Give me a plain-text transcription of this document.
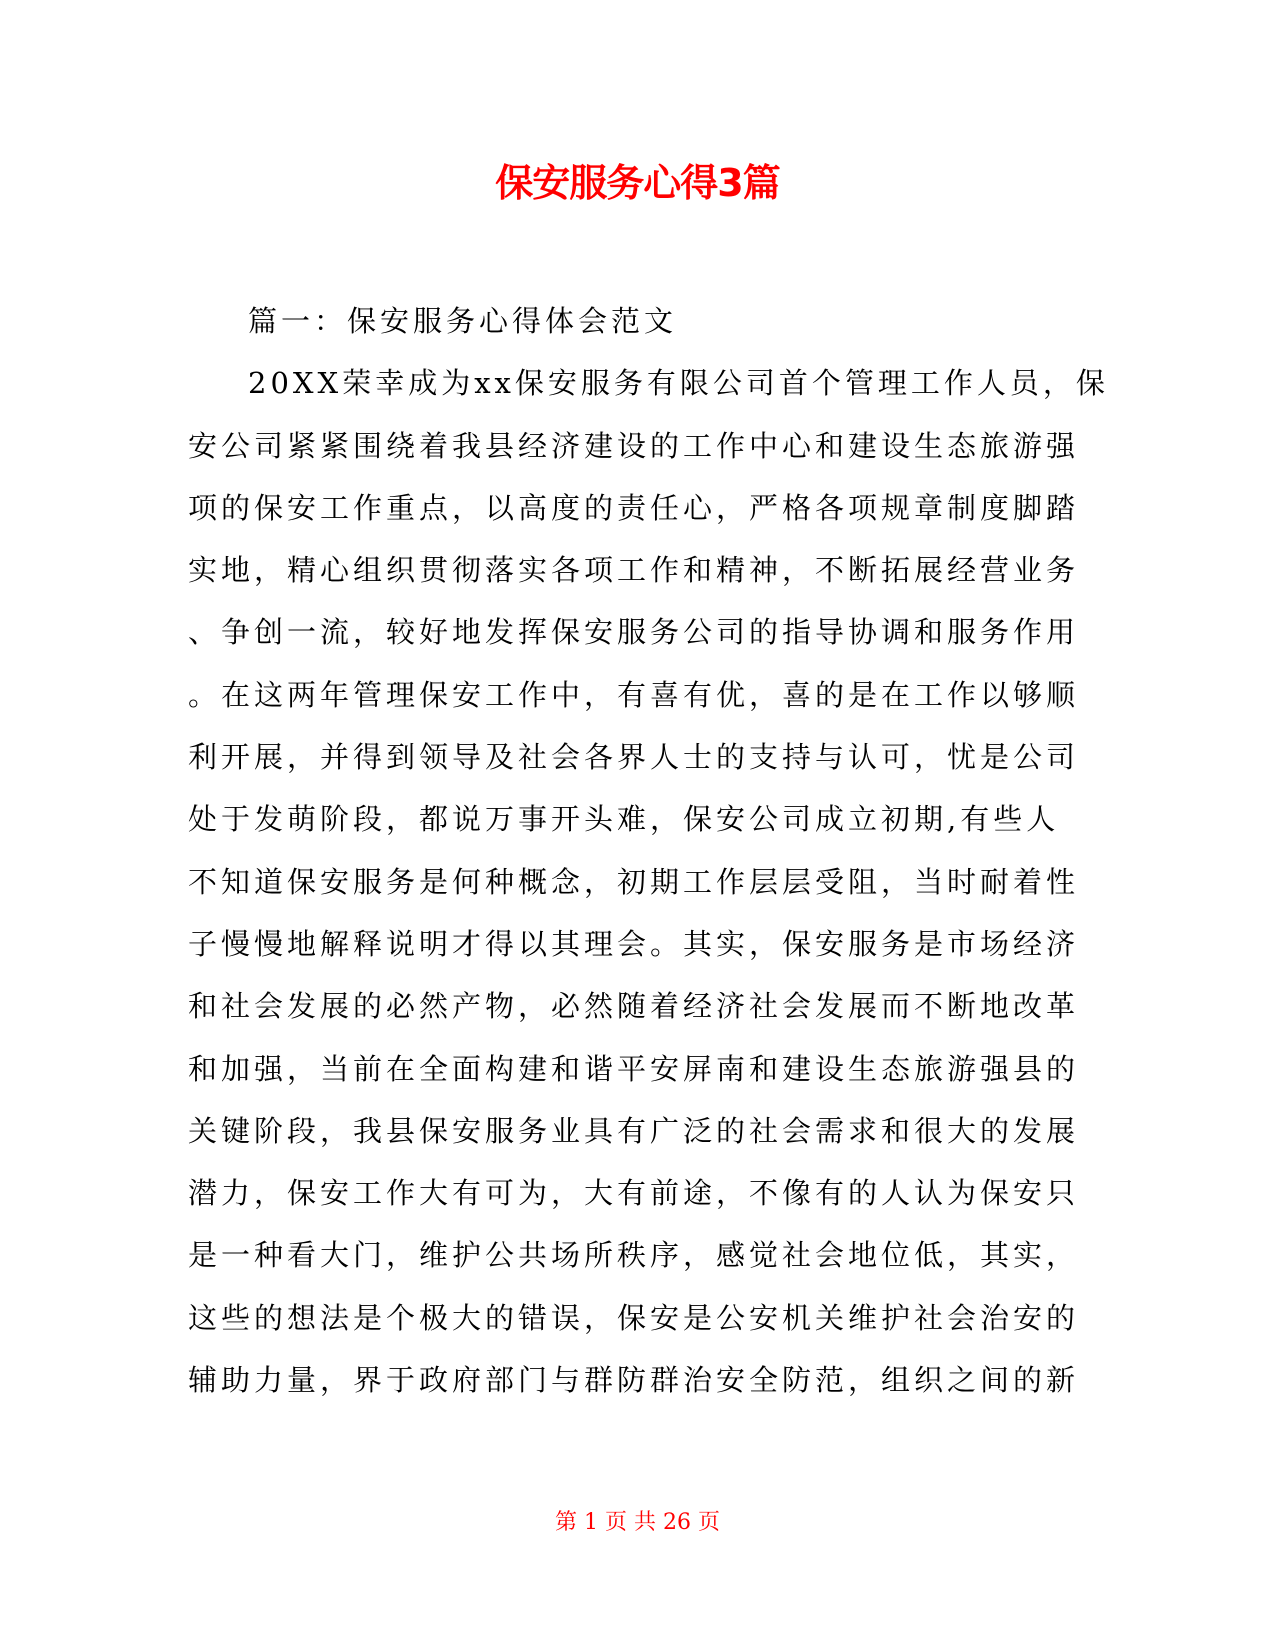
保安服务心得3篇
篇一：保安服务心得体会范文
20XX荣幸成为xx保安服务有限公司首个管理工作人员，保
安公司紧紧围绕着我县经济建设的工作中心和建设生态旅游强
项的保安工作重点，以高度的责任心，严格各项规章制度脚踏
实地，精心组织贯彻落实各项工作和精神，不断拓展经营业务
、争创一流，较好地发挥保安服务公司的指导协调和服务作用
。在这两年管理保安工作中，有喜有优，喜的是在工作以够顺
利开展，并得到领导及社会各界人士的支持与认可，忧是公司
处于发萌阶段，都说万事开头难，保安公司成立初期,有些人
不知道保安服务是何种概念，初期工作层层受阻，当时耐着性
子慢慢地解释说明才得以其理会。其实，保安服务是市场经济
和社会发展的必然产物，必然随着经济社会发展而不断地改革
和加强，当前在全面构建和谐平安屏南和建设生态旅游强县的
关键阶段，我县保安服务业具有广泛的社会需求和很大的发展
潜力，保安工作大有可为，大有前途，不像有的人认为保安只
是一种看大门，维护公共场所秩序，感觉社会地位低，其实，
这些的想法是个极大的错误，保安是公安机关维护社会治安的
辅助力量，界于政府部门与群防群治安全防范，组织之间的新
第 1 页 共 26 页
